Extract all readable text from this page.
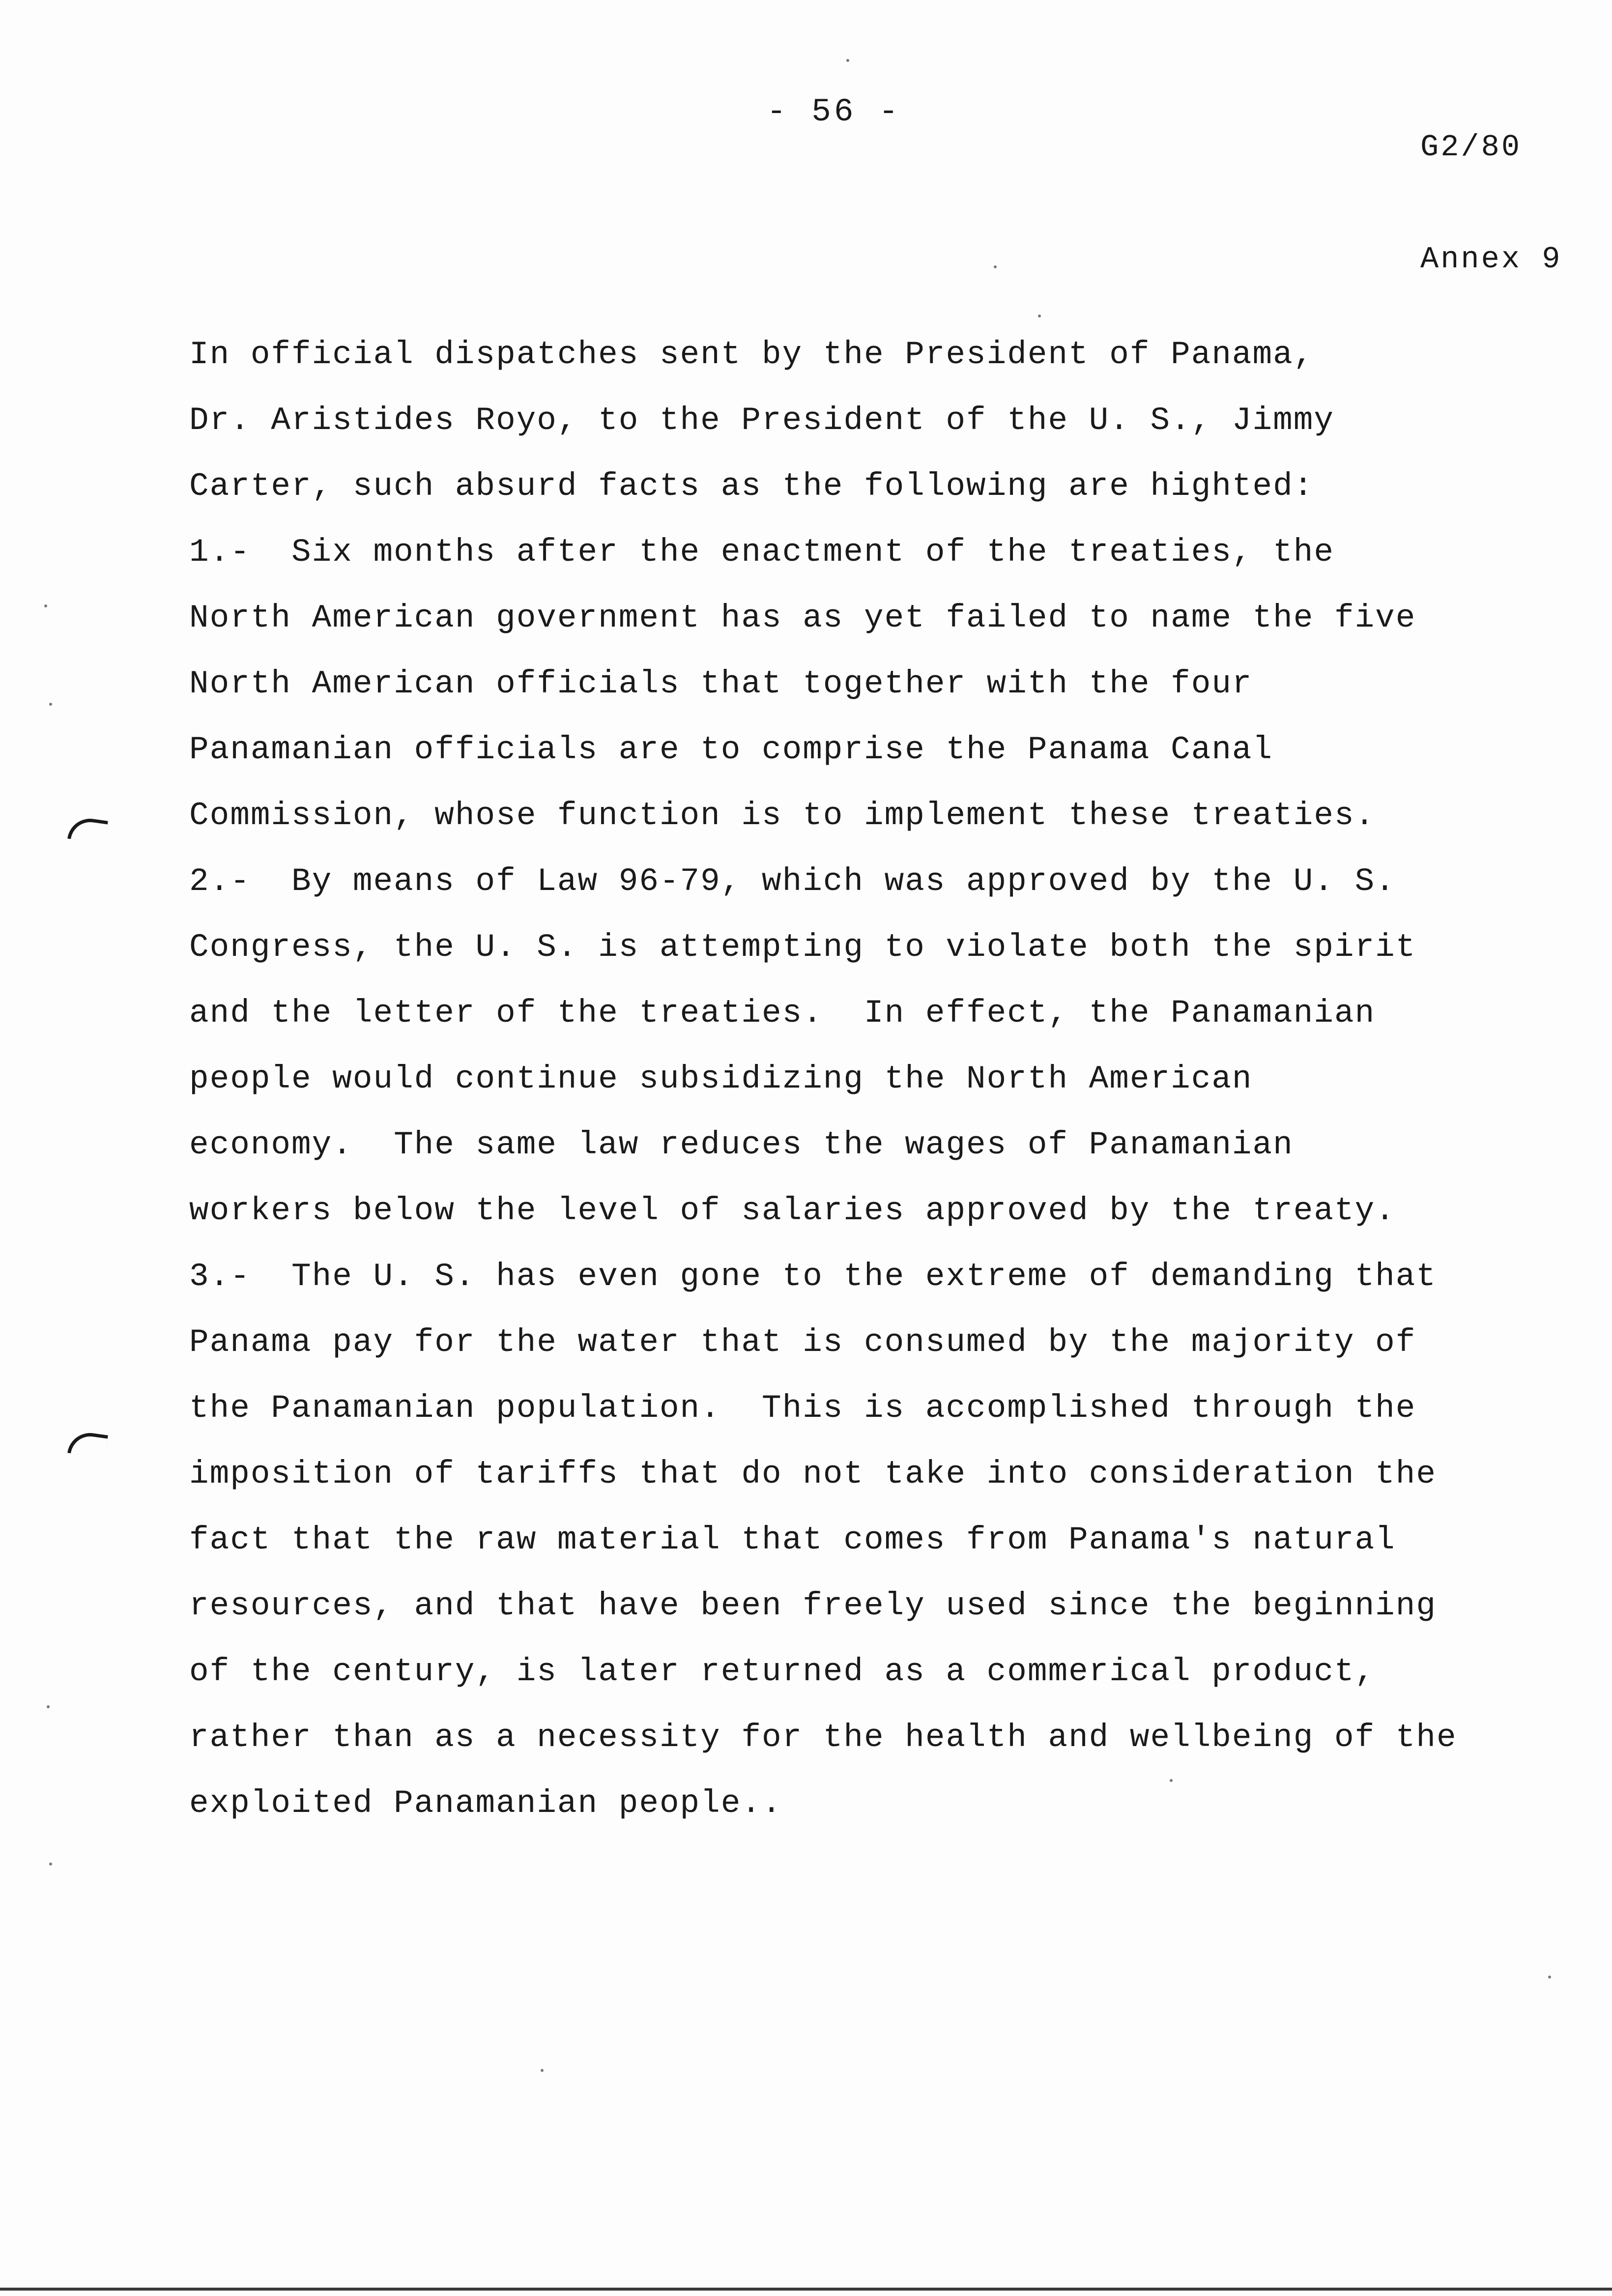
- 56 -

G2/80

Annex 9

In official dispatches sent by the President of Panama,
Dr. Aristides Royo, to the President of the U. S., Jimmy
Carter, such absurd facts as the following are highted:
1.-  Six months after the enactment of the treaties, the
North American government has as yet failed to name the five
North American officials that together with the four
Panamanian officials are to comprise the Panama Canal
Commission, whose function is to implement these treaties.
2.-  By means of Law 96-79, which was approved by the U. S.
Congress, the U. S. is attempting to violate both the spirit
and the letter of the treaties.  In effect, the Panamanian
people would continue subsidizing the North American
economy.  The same law reduces the wages of Panamanian
workers below the level of salaries approved by the treaty.
3.-  The U. S. has even gone to the extreme of demanding that
Panama pay for the water that is consumed by the majority of
the Panamanian population.  This is accomplished through the
imposition of tariffs that do not take into consideration the
fact that the raw material that comes from Panama's natural
resources, and that have been freely used since the beginning
of the century, is later returned as a commerical product,
rather than as a necessity for the health and wellbeing of the
exploited Panamanian people..
